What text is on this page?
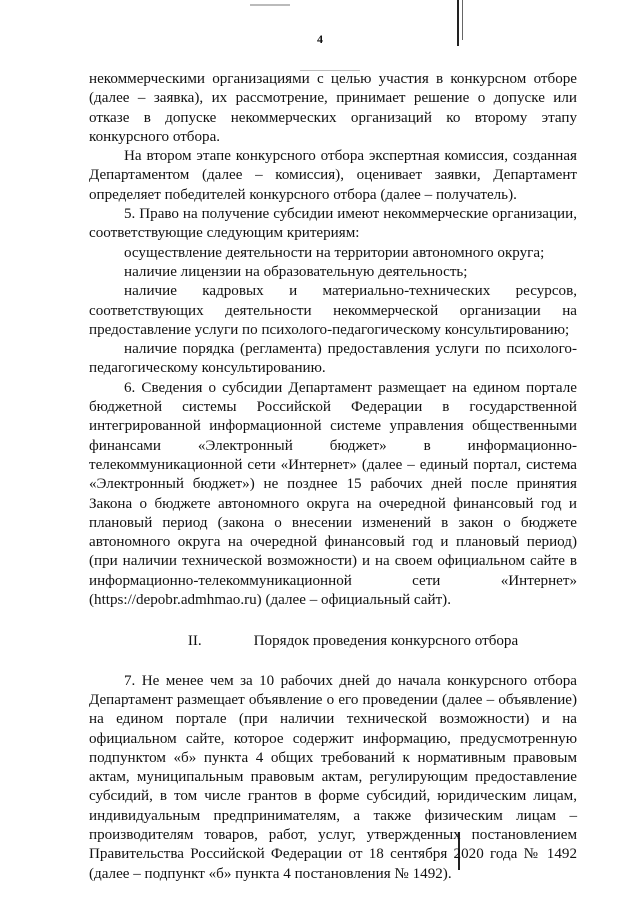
4

некоммерческими организациями с целью участия в конкурсном отборе (далее – заявка), их рассмотрение, принимает решение о допуске или отказе в допуске некоммерческих организаций ко второму этапу конкурсного отбора.

На втором этапе конкурсного отбора экспертная комиссия, созданная Департаментом (далее – комиссия), оценивает заявки, Департамент определяет победителей конкурсного отбора (далее – получатель).

5. Право на получение субсидии имеют некоммерческие организации, соответствующие следующим критериям:

осуществление деятельности на территории автономного округа;

наличие лицензии на образовательную деятельность;

наличие кадровых и материально-технических ресурсов, соответствующих деятельности некоммерческой организации на предоставление услуги по психолого-педагогическому консультированию;

наличие порядка (регламента) предоставления услуги по психолого-педагогическому консультированию.

6. Сведения о субсидии Департамент размещает на едином портале бюджетной системы Российской Федерации в государственной интегрированной информационной системе управления общественными финансами «Электронный бюджет» в информационно-телекоммуникационной сети «Интернет» (далее – единый портал, система «Электронный бюджет») не позднее 15 рабочих дней после принятия Закона о бюджете автономного округа на очередной финансовый год и плановый период (закона о внесении изменений в закон о бюджете автономного округа на очередной финансовый год и плановый период) (при наличии технической возможности) и на своем официальном сайте в информационно-телекоммуникационной сети «Интернет» (https://depobr.admhmao.ru) (далее – официальный сайт).

II.	Порядок проведения конкурсного отбора

7. Не менее чем за 10 рабочих дней до начала конкурсного отбора Департамент размещает объявление о его проведении (далее – объявление) на едином портале (при наличии технической возможности) и на официальном сайте, которое содержит информацию, предусмотренную подпунктом «б» пункта 4 общих требований к нормативным правовым актам, муниципальным правовым актам, регулирующим предоставление субсидий, в том числе грантов в форме субсидий, юридическим лицам, индивидуальным предпринимателям, а также физическим лицам – производителям товаров, работ, услуг, утвержденных постановлением Правительства Российской Федерации от 18 сентября 2020 года № 1492 (далее – подпункт «б» пункта 4 постановления № 1492).
